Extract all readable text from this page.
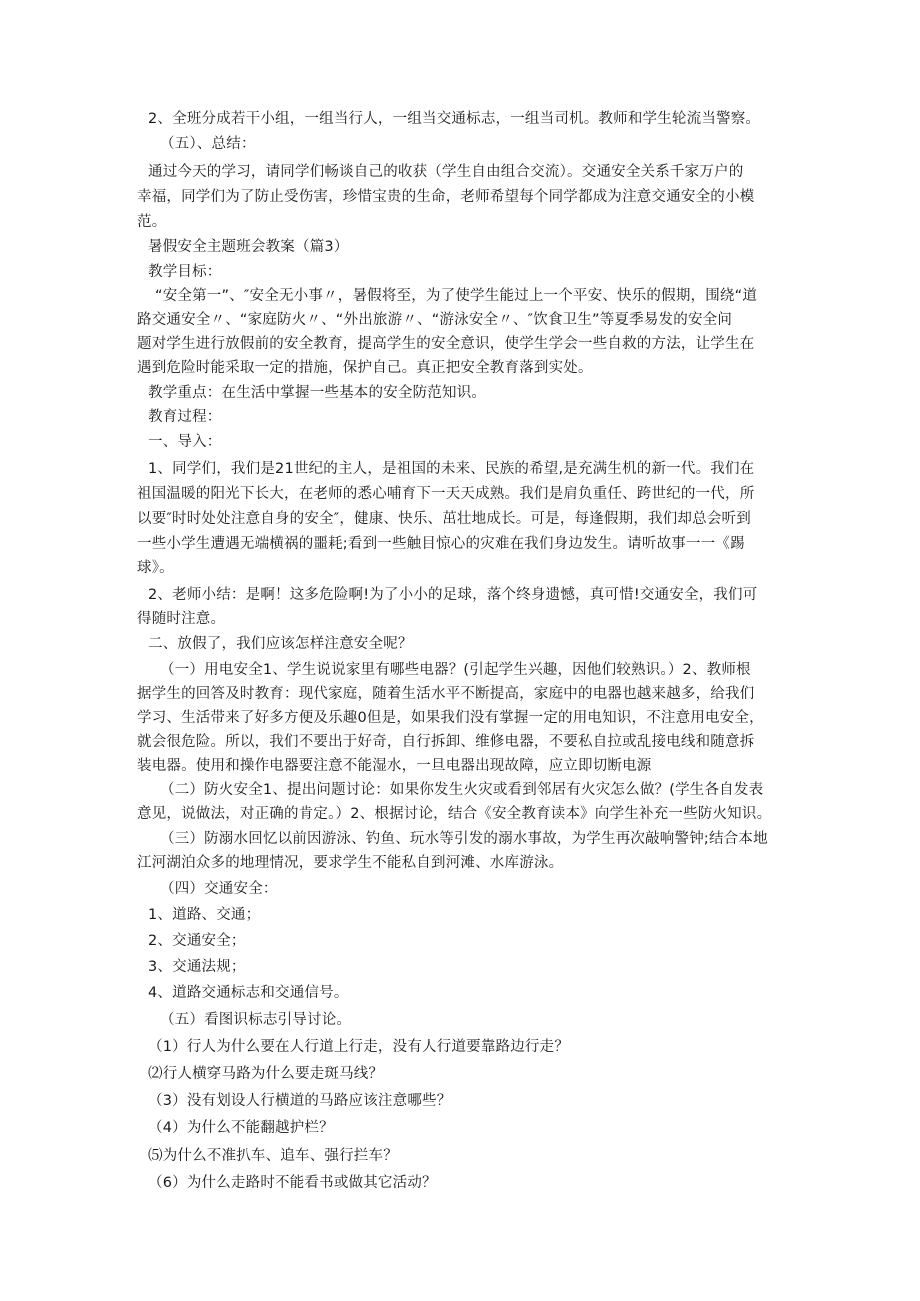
2、全班分成若干小组，一组当行人，一组当交通标志，一组当司机。教师和学生轮流当警察。
（五）、总结：
通过今天的学习，请同学们畅谈自己的收获（学生自由组合交流）。交通安全关系千家万户的
幸福，同学们为了防止受伤害，珍惜宝贵的生命，老师希望每个同学都成为注意交通安全的小模
范。
暑假安全主题班会教案（篇3）
教学目标：
“安全第一”、″安全无小事〃，暑假将至，为了使学生能过上一个平安、快乐的假期，围绕“道
路交通安全〃、“家庭防火〃、“外出旅游〃、“游泳安全〃、″饮食卫生”等夏季易发的安全问
题对学生进行放假前的安全教育，提高学生的安全意识，使学生学会一些自救的方法，让学生在
遇到危险时能采取一定的措施，保护自己。真正把安全教育落到实处。
教学重点：在生活中掌握一些基本的安全防范知识。
教育过程：
一、导入：
1、同学们，我们是21世纪的主人，是祖国的未来、民族的希望,是充满生机的新一代。我们在
祖国温暖的阳光下长大，在老师的悉心哺育下一天天成熟。我们是肩负重任、跨世纪的一代，所
以要″时时处处注意自身的安全″，健康、快乐、茁壮地成长。可是，每逢假期，我们却总会听到
一些小学生遭遇无端横祸的噩耗;看到一些触目惊心的灾难在我们身边发生。请听故事一一《踢
球》。
2、老师小结：是啊！这多危险啊!为了小小的足球，落个终身遗憾，真可惜!交通安全，我们可
得随时注意。
二、放假了，我们应该怎样注意安全呢？
（一）用电安全1、学生说说家里有哪些电器？(引起学生兴趣，因他们较熟识。）2、教师根
据学生的回答及时教育：现代家庭，随着生活水平不断提高，家庭中的电器也越来越多，给我们
学习、生活带来了好多方便及乐趣0但是，如果我们没有掌握一定的用电知识，不注意用电安全，
就会很危险。所以，我们不要出于好奇，自行拆卸、维修电器，不要私自拉或乱接电线和随意拆
装电器。使用和操作电器要注意不能湿水，一旦电器出现故障，应立即切断电源
（二）防火安全1、提出问题讨论：如果你发生火灾或看到邻居有火灾怎么做？(学生各自发表
意见，说做法，对正确的肯定。）2、根据讨论，结合《安全教育读本》向学生补充一些防火知识。
（三）防溺水回忆以前因游泳、钓鱼、玩水等引发的溺水事故，为学生再次敲响警钟;结合本地
江河湖泊众多的地理情况，要求学生不能私自到河滩、水库游泳。
（四）交通安全：
1、道路、交通；
2、交通安全；
3、交通法规；
4、道路交通标志和交通信号。
（五）看图识标志引导讨论。
（1）行人为什么要在人行道上行走，没有人行道要靠路边行走？
⑵行人横穿马路为什么要走斑马线？
（3）没有划设人行横道的马路应该注意哪些？
（4）为什么不能翻越护栏？
⑸为什么不准扒车、追车、强行拦车？
（6）为什么走路时不能看书或做其它活动？
